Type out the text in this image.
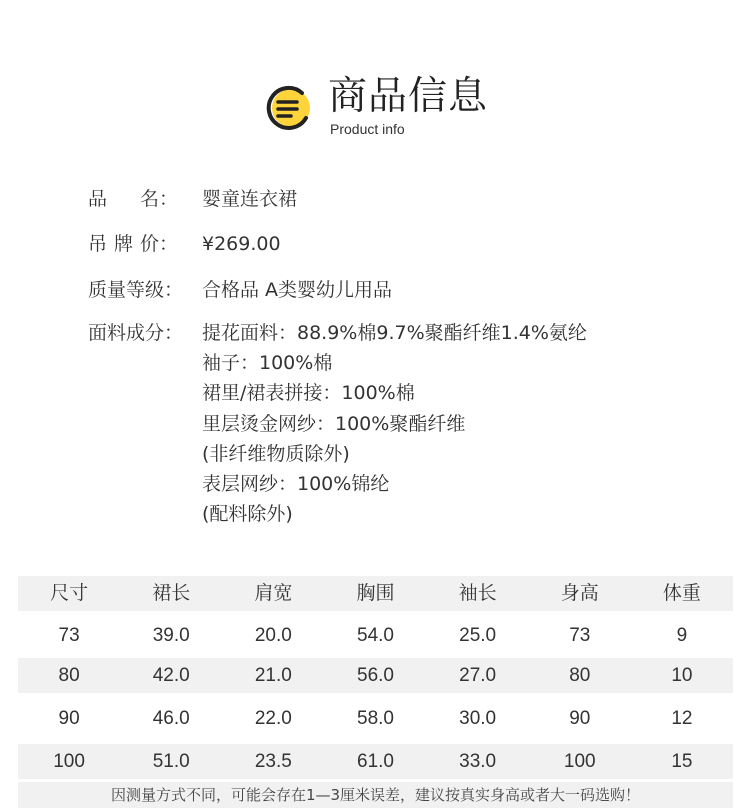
商品信息
Product info
品 名： 婴童连衣裙
吊 牌 价： ¥269.00
质量等级： 合格品 A类婴幼儿用品
面料成分： 提花面料：88.9%棉9.7%聚酯纤维1.4%氨纶
袖子：100%棉
裙里/裙表拼接：100%棉
里层烫金网纱：100%聚酯纤维
(非纤维物质除外)
表层网纱：100%锦纶
(配料除外)
尺寸	裙长	肩宽	胸围	袖长	身高	体重
73	39.0	20.0	54.0	25.0	73	9
80	42.0	21.0	56.0	27.0	80	10
90	46.0	22.0	58.0	30.0	90	12
100	51.0	23.5	61.0	33.0	100	15
因测量方式不同，可能会存在1—3厘米误差，建议按真实身高或者大一码选购！
